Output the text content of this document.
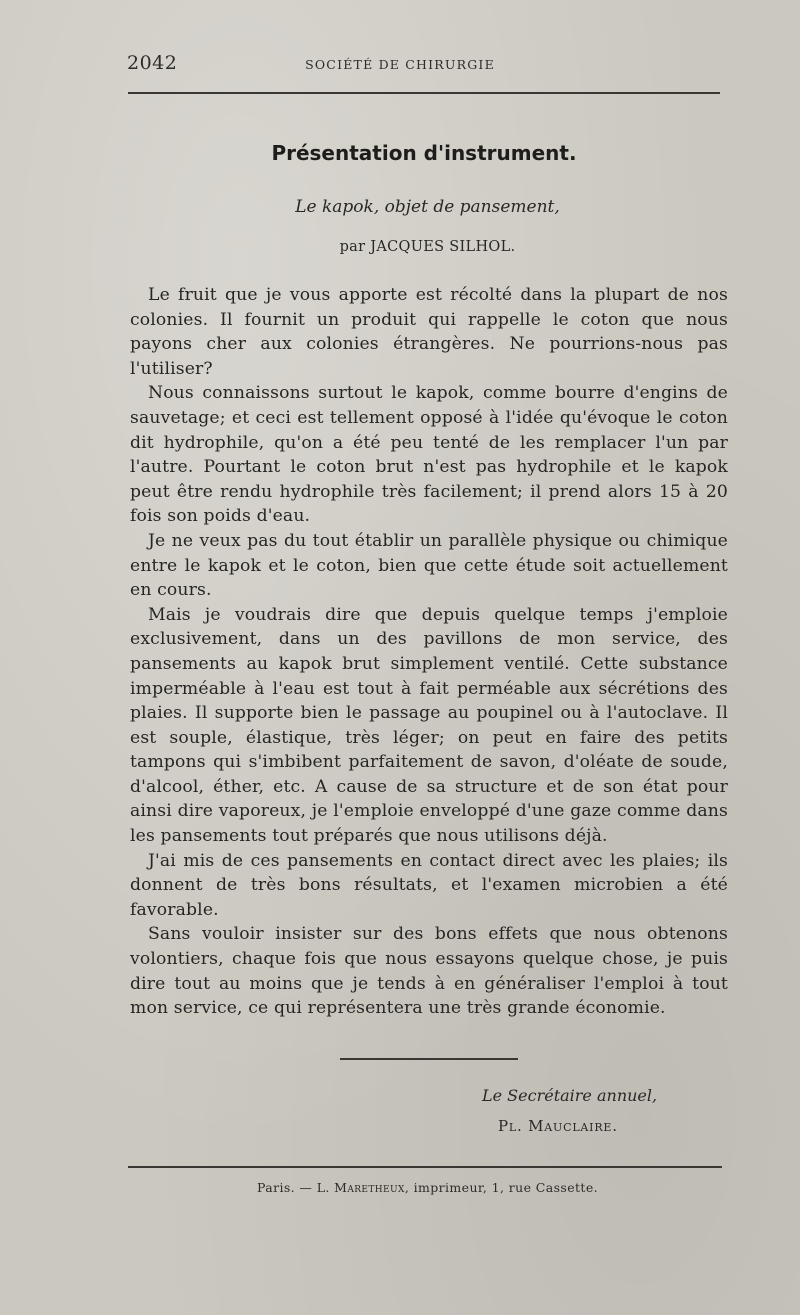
2042	SOCIÉTÉ DE CHIRURGIE
Présentation d'instrument.
Le kapok, objet de pansement,
par JACQUES SILHOL.

Le fruit que je vous apporte est récolté dans la plupart de nos colonies. Il fournit un produit qui rappelle le coton que nous payons cher aux colonies étrangères. Ne pourrions-nous pas l'utiliser?

Nous connaissons surtout le kapok, comme bourre d'engins de sauvetage; et ceci est tellement opposé à l'idée qu'évoque le coton dit hydrophile, qu'on a été peu tenté de les remplacer l'un par l'autre. Pourtant le coton brut n'est pas hydrophile et le kapok peut être rendu hydrophile très facilement; il prend alors 15 à 20 fois son poids d'eau.

Je ne veux pas du tout établir un parallèle physique ou chimique entre le kapok et le coton, bien que cette étude soit actuellement en cours.

Mais je voudrais dire que depuis quelque temps j'emploie exclusivement, dans un des pavillons de mon service, des pansements au kapok brut simplement ventilé. Cette substance imperméable à l'eau est tout à fait perméable aux sécrétions des plaies. Il supporte bien le passage au poupinel ou à l'autoclave. Il est souple, élastique, très léger; on peut en faire des petits tampons qui s'imbibent parfaitement de savon, d'oléate de soude, d'alcool, éther, etc. A cause de sa structure et de son état pour ainsi dire vaporeux, je l'emploie enveloppé d'une gaze comme dans les pansements tout préparés que nous utilisons déjà.

J'ai mis de ces pansements en contact direct avec les plaies; ils donnent de très bons résultats, et l'examen microbien a été favorable.

Sans vouloir insister sur des bons effets que nous obtenons volontiers, chaque fois que nous essayons quelque chose, je puis dire tout au moins que je tends à en généraliser l'emploi à tout mon service, ce qui représentera une très grande économie.

Le Secrétaire annuel,
Pl. Mauclaire.
Paris. — L. Maretheux, imprimeur, 1, rue Cassette.
